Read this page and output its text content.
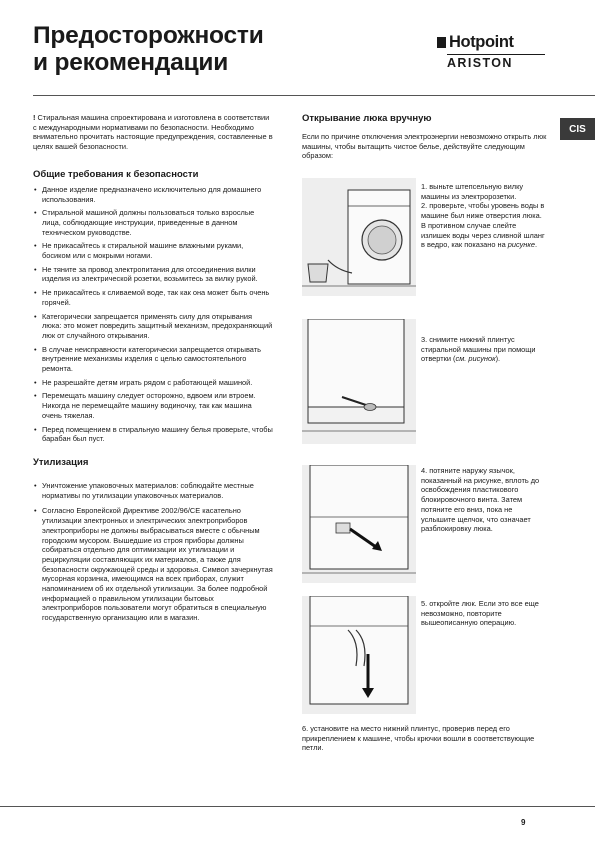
Предосторожности
и рекомендации
Hotpoint
ARISTON
CIS

! Стиральная машина спроектирована и изготовлена в соответствии с международными нормативами по безопасности. Необходимо внимательно прочитать настоящие предупреждения, составленные в целях вашей безопасности.

Общие требования к безопасности
• Данное изделие предназначено исключительно для домашнего использования.
• Стиральной машиной должны пользоваться только взрослые лица, соблюдающие инструкции, приведенные в данном техническом руководстве.
• Не прикасайтесь к стиральной машине влажными руками, босиком или с мокрыми ногами.
• Не тяните за провод электропитания для отсоединения вилки изделия из электрической розетки, возьмитесь за вилку рукой.
• Не прикасайтесь к сливаемой воде, так как она может быть очень горячей.
• Категорически запрещается применять силу для открывания люка: это может повредить защитный механизм, предохраняющий люк от случайного открывания.
• В случае неисправности категорически запрещается открывать внутренние механизмы изделия с целью самостоятельного ремонта.
• Не разрешайте детям играть рядом с работающей машиной.
• Перемещать машину следует осторожно, вдвоем или втроем. Никогда не перемещайте машину водиночку, так как машина очень тяжелая.
• Перед помещением в стиральную машину белья проверьте, чтобы барабан был пуст.
Утилизация
• Уничтожение упаковочных материалов: соблюдайте местные нормативы по утилизации упаковочных материалов.
• Согласно Европейской Директиве 2002/96/CE касательно утилизации электронных и электрических электроприборов электроприборы не должны выбрасываться вместе с обычным городским мусором. Вышедшие из строя приборы должны собираться отдельно для оптимизации их утилизации и рециркуляции составляющих их материалов, а также для безопасности окружающей среды и здоровья. Символ зачеркнутая мусорная корзинка, имеющимся на всех приборах, служит напоминанием об их отдельной утилизации. За более подробной информацией о правильном утилизации бытовых электроприборов пользователи могут обратиться в специальную государственную организацию или в магазин.
Открывание люка вручную

Если по причине отключения электроэнергии невозможно открыть люк машины, чтобы вытащить чистое белье, действуйте следующим образом:

1. выньте штепсельную вилку машины из электророзетки.
2. проверьте, чтобы уровень воды в машине был ниже отверстия люка. В противном случае слейте излишек воды через сливной шланг в ведро, как показано на рисунке.
3. снимите нижний плинтус стиральной машины при помощи отвертки (см. рисунок).
4. потяните наружу язычок, показанный на рисунке, вплоть до освобождения пластикового блокировочного винта. Затем потяните его вниз, пока не услышите щелчок, что означает разблокировку люка.
5. откройте люк. Если это все еще невозможно, повторите вышеописанную операцию.
6. установите на место нижний плинтус, проверив перед его прикреплением к машине, чтобы крючки вошли в соответствующие петли.
9
